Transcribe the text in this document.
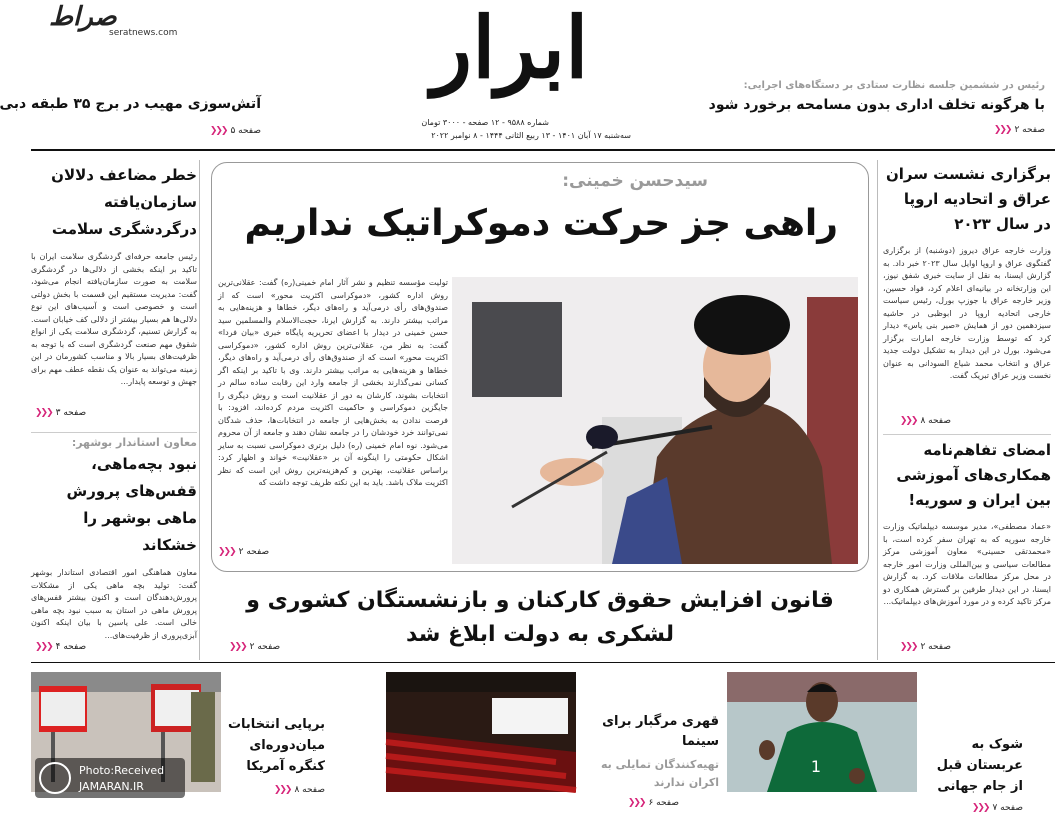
صراط
seratnews.com	ابرار
شماره ۹۵۸۸ - ۱۲ صفحه - ۳۰۰۰ تومان
سه‌شنبه ۱۷ آبان ۱۴۰۱ - ۱۳ ربیع الثانی ۱۴۴۴ - ۸ نوامبر ۲۰۲۲
رئیس در ششمین جلسه نظارت ستادی بر دستگاه‌های اجرایی:
با هرگونه تخلف اداری بدون مسامحه برخورد شود
صفحه ۲
❮❮❮
آتش‌سوزی مهیب در برج ۳۵ طبقه دبی
صفحه ۵
❮❮❮
سیدحسن خمینی:
راهی جز حرکت دموکراتیک نداریم
تولیت مؤسسه تنظیم و نشر آثار امام خمینی(ره) گفت: عقلانی‌ترین روش اداره کشور، «دموکراسی اکثریت محور» است که از صندوق‌های رأی درمی‌آید و راه‌های دیگر، خطاها و هزینه‌هایی به مراتب بیشتر دارند. به گزارش ایرنا، حجت‌الاسلام والمسلمین سید حسن خمینی در دیدار با اعضای تحریریه پایگاه خبری «بیان فردا» گفت: به نظر من، عقلانی‌ترین روش اداره کشور، «دموکراسی اکثریت محور» است که از صندوق‌های رأی درمی‌آید و راه‌های دیگر، خطاها و هزینه‌هایی به مراتب بیشتر دارند. وی با تاکید بر اینکه اگر کسانی نمی‌گذارند بخشی از جامعه وارد این رقابت ساده سالم در انتخابات بشوند، کارشان به دور از عقلانیت است و روش دیگری را جایگزین دموکراسی و حاکمیت اکثریت مردم کرده‌اند، افزود: با فرصت ندادن به بخش‌هایی از جامعه در انتخابات‌ها، حذف شدگان نمی‌توانند خرد خودشان را در جامعه نشان دهند و جامعه از آن محروم می‌شود. نوه امام خمینی (ره) دلیل برتری دموکراسی نسبت به سایر اشکال حکومتی را اینگونه آن بر «عقلانیت» خواند و اظهار کرد: براساس عقلانیت، بهترین و کم‌هزینه‌ترین روش این است که نظر اکثریت ملاک باشد. باید به این نکته ظریف توجه داشت که
صفحه ۲
❮❮❮
قانون افزایش حقوق کارکنان و بازنشستگان کشوری و لشکری به دولت ابلاغ شد
صفحه ۲
❮❮❮
خطر مضاعف دلالان سازمان‌یافته درگردشگری سلامت
رئیس جامعه حرفه‌ای گردشگری سلامت ایران با تاکید بر اینکه بخشی از دلالی‌ها در گردشگری سلامت به صورت سازمان‌یافته انجام می‌شود، گفت: مدیریت مستقیم این قسمت با بخش دولتی است و خصوصی است و آسیب‌های این نوع دلالی‌ها هم بسیار بیشتر از دلالی کف خیابان است. به گزارش تسنیم، گردشگری سلامت یکی از انواع شقوق مهم صنعت گردشگری است که با توجه به ظرفیت‌های بسیار بالا و مناسب کشورمان در این زمینه می‌تواند به عنوان یک نقطه عطف مهم برای جهش و توسعه پایدار...
صفحه ۳
❮❮❮
معاون استاندار بوشهر:
نبود بچه‌ماهی، قفس‌های پرورش ماهی بوشهر را خشکاند
معاون هماهنگی امور اقتصادی استاندار بوشهر گفت: تولید بچه ماهی یکی از مشکلات پرورش‌دهندگان است و اکنون بیشتر قفس‌های پرورش ماهی در استان به سبب نبود بچه ماهی خالی است. علی یاسین با بیان اینکه اکنون آبزی‌پروری از ظرفیت‌های...
صفحه ۴
❮❮❮
برگزاری نشست سران عراق و اتحادیه اروپا در سال ۲۰۲۳
وزارت خارجه عراق دیروز (دوشنبه) از برگزاری گفتگوی عراق و اروپا اوایل سال ۲۰۲۳ خبر داد. به گزارش ایسنا، به نقل از سایت خبری شفق نیوز، این وزارتخانه در بیانیه‌ای اعلام کرد، فواد حسین، وزیر خارجه عراق با جوزپ بورل، رئیس سیاست خارجی اتحادیه اروپا در ابوظبی در حاشیه سیزدهمین دور از همایش «صیر بنی یاس» دیدار کرد که توسط وزارت خارجه امارات برگزار می‌شود. بورل در این دیدار به تشکیل دولت جدید عراق و انتخاب محمد شیاع السودانی به عنوان نخست وزیر عراق تبریک گفت.
صفحه ۸
❮❮❮
امضای تفاهم‌نامه همکاری‌های آموزشی بین ایران و سوریه!
«عماد مصطفی»، مدیر موسسه دیپلماتیک وزارت خارجه سوریه که به تهران سفر کرده است، با «محمدتقی حسینی» معاون آموزشی مرکز مطالعات سیاسی و بین‌المللی وزارت امور خارجه در محل مرکز مطالعات ملاقات کرد. به گزارش ایسنا، در این دیدار طرفین بر گسترش همکاری دو مرکز تاکید کرده و در مورد آموزش‌های دیپلماتیک...
صفحه ۲
❮❮❮
Photo:Received
JAMARAN.IR
برپایی انتخابات میان‌دوره‌ای کنگره آمریکا
صفحه ۸
❮❮❮
قهری مرگبار برای سینما
تهیه‌کنندگان تمایلی به اکران ندارند
صفحه ۶
❮❮❮
1
شوک به عربستان قبل از جام جهانی
صفحه ۷
❮❮❮
